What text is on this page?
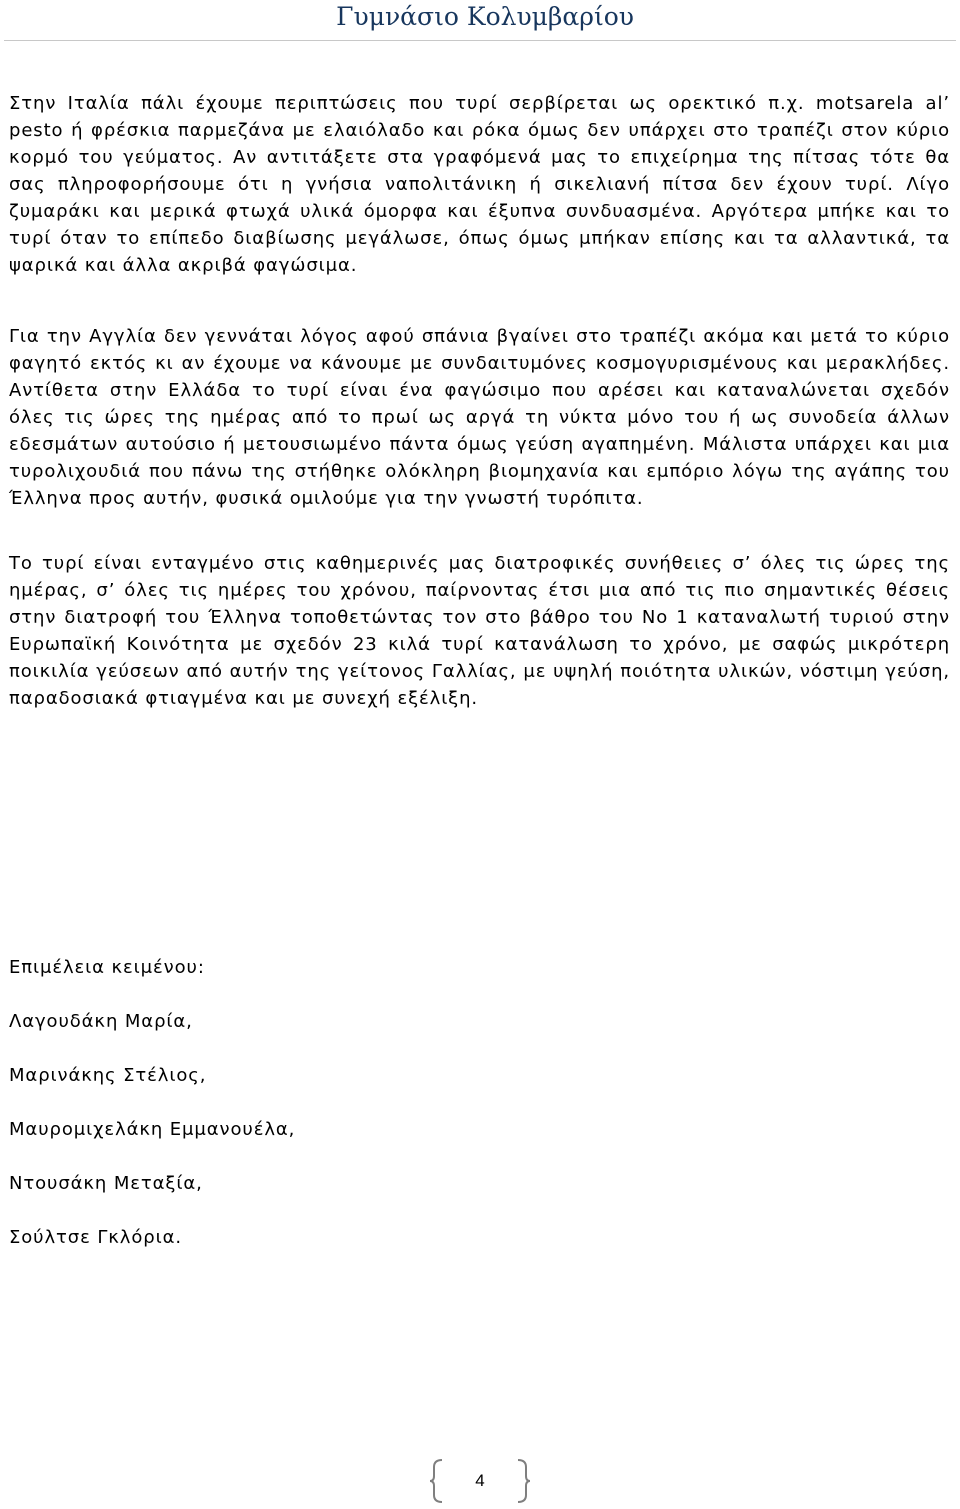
Γυμνάσιο Κολυμβαρίου

Στην Ιταλία πάλι έχουμε περιπτώσεις που τυρί σερβίρεται ως ορεκτικό π.χ. motsarela al’ pesto ή φρέσκια παρμεζάνα με ελαιόλαδο και ρόκα όμως δεν υπάρχει στο τραπέζι στον κύριο κορμό του γεύματος. Αν αντιτάξετε στα γραφόμενά μας το επιχείρημα της πίτσας τότε θα σας πληροφορήσουμε ότι η γνήσια ναπολιτάνικη ή σικελιανή πίτσα δεν έχουν τυρί. Λίγο ζυμαράκι και μερικά φτωχά υλικά όμορφα και έξυπνα συνδυασμένα. Αργότερα μπήκε και το τυρί όταν το επίπεδο διαβίωσης μεγάλωσε, όπως όμως μπήκαν επίσης και τα αλλαντικά, τα ψαρικά και άλλα ακριβά φαγώσιμα.

Για την Αγγλία δεν γεννάται λόγος αφού σπάνια βγαίνει στο τραπέζι ακόμα και μετά το κύριο φαγητό εκτός κι αν έχουμε να κάνουμε με συνδαιτυμόνες κοσμογυρισμένους και μερακλήδες. Αντίθετα στην Ελλάδα το τυρί είναι ένα φαγώσιμο που αρέσει και καταναλώνεται σχεδόν όλες τις ώρες της ημέρας από το πρωί ως αργά τη νύκτα μόνο του ή ως συνοδεία άλλων εδεσμάτων αυτούσιο ή μετουσιωμένο πάντα όμως γεύση αγαπημένη. Μάλιστα υπάρχει και μια τυρολιχουδιά που πάνω της στήθηκε ολόκληρη βιομηχανία και εμπόριο λόγω της αγάπης του Έλληνα προς αυτήν, φυσικά ομιλούμε για την γνωστή τυρόπιτα.

Το τυρί είναι ενταγμένο στις καθημερινές μας διατροφικές συνήθειες σ’ όλες τις ώρες της ημέρας, σ’ όλες τις ημέρες του χρόνου, παίρνοντας έτσι μια από τις πιο σημαντικές θέσεις στην διατροφή του Έλληνα τοποθετώντας τον στο βάθρο του Νο 1 καταναλωτή τυριού στην Ευρωπαϊκή Κοινότητα με σχεδόν 23 κιλά τυρί κατανάλωση το χρόνο, με σαφώς μικρότερη ποικιλία γεύσεων από αυτήν της γείτονος Γαλλίας, με υψηλή ποιότητα υλικών, νόστιμη γεύση, παραδοσιακά φτιαγμένα και με συνεχή εξέλιξη.

Επιμέλεια κειμένου:
Λαγουδάκη Μαρία,
Μαρινάκης Στέλιος,
Μαυρομιχελάκη Εμμανουέλα,
Ντουσάκη Μεταξία,
Σούλτσε Γκλόρια.
4
